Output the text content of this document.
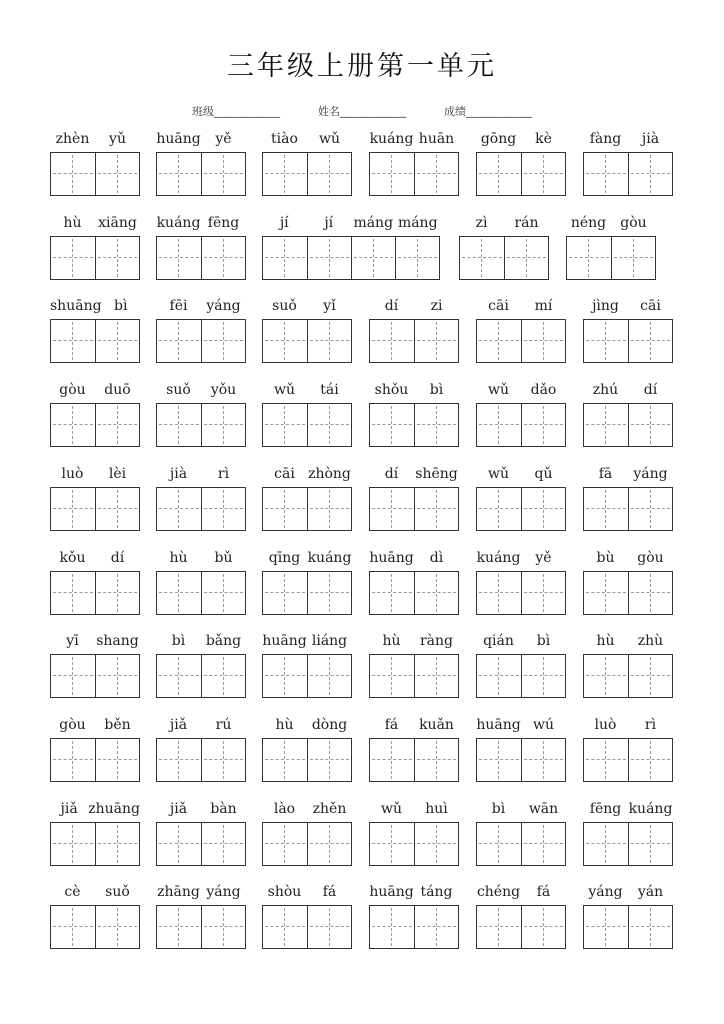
三年级上册第一单元
班级____________	姓名____________	成绩____________
zhèn	yǔ	huāng	yě	tiào	wǔ	kuáng huān	gōng	kè	fàng	jià
hù	xiāng kuáng fēng	jí	jí	máng máng	zì	rán	néng	gòu
shuāng bì	fēi	yáng	suǒ	yǐ	dí	zi	cāi	mí	jìng	cāi
gòu	duō	suǒ	yǒu	wǔ	tái	shǒu	bì	wǔ	dǎo	zhú	dí
luò	lèi	jià	rì	cāi zhòng	dí	shēng	wǔ	qǔ	fā	yáng
kǒu	dí	hù	bǔ	qīng kuáng huāng	dì	kuáng	yě	bù	gòu
yī	shang	bì	bǎng	huāng liáng	hù	ràng	qián	bì	hù	zhù
gòu	běn	jiǎ	rú	hù	dòng	fá	kuǎn	huāng wú	luò	rì
jiǎ zhuāng	jiǎ	bàn	lào	zhěn	wǔ	huì	bì	wān	fēng kuáng
cè	suǒ	zhāng yáng	shòu	fá	huāng táng	chéng	fá	yáng	yán
